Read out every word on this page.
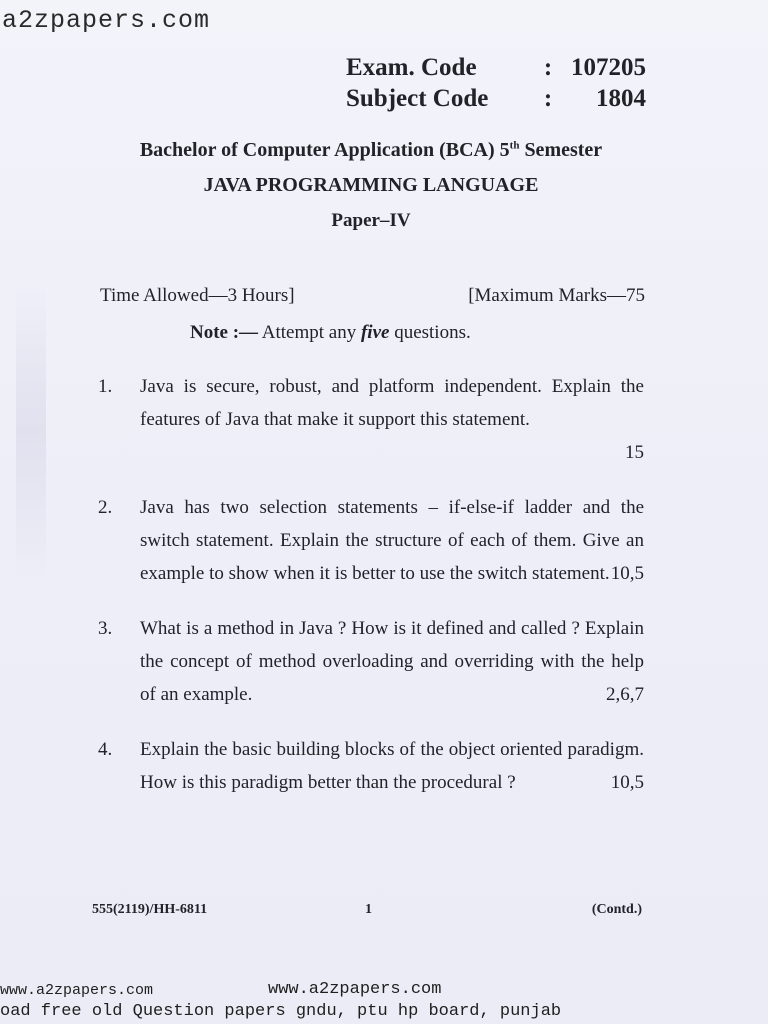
a2zpapers.com
Exam. Code	: 107205
Subject Code	:	1804
Bachelor of Computer Application (BCA) 5th Semester
JAVA PROGRAMMING LANGUAGE
Paper–IV
Time Allowed—3 Hours]	[Maximum Marks—75
Note :— Attempt any five questions.
1.	Java is secure, robust, and platform independent. Explain the features of Java that make it support this statement.
15
2.	Java has two selection statements – if-else-if ladder and the switch statement. Explain the structure of each of them. Give an example to show when it is better to use the switch statement. 10,5
3.	What is a method in Java ? How is it defined and called ? Explain the concept of method overloading and overriding with the help of an example.	2,6,7
4.	Explain the basic building blocks of the object oriented paradigm. How is this paradigm better than the procedural ?	10,5
555(2119)/HH-6811	1	(Contd.)
www.a2zpapers.com	www.a2zpapers.com
oad free old Question papers gndu, ptu hp board, punjab
